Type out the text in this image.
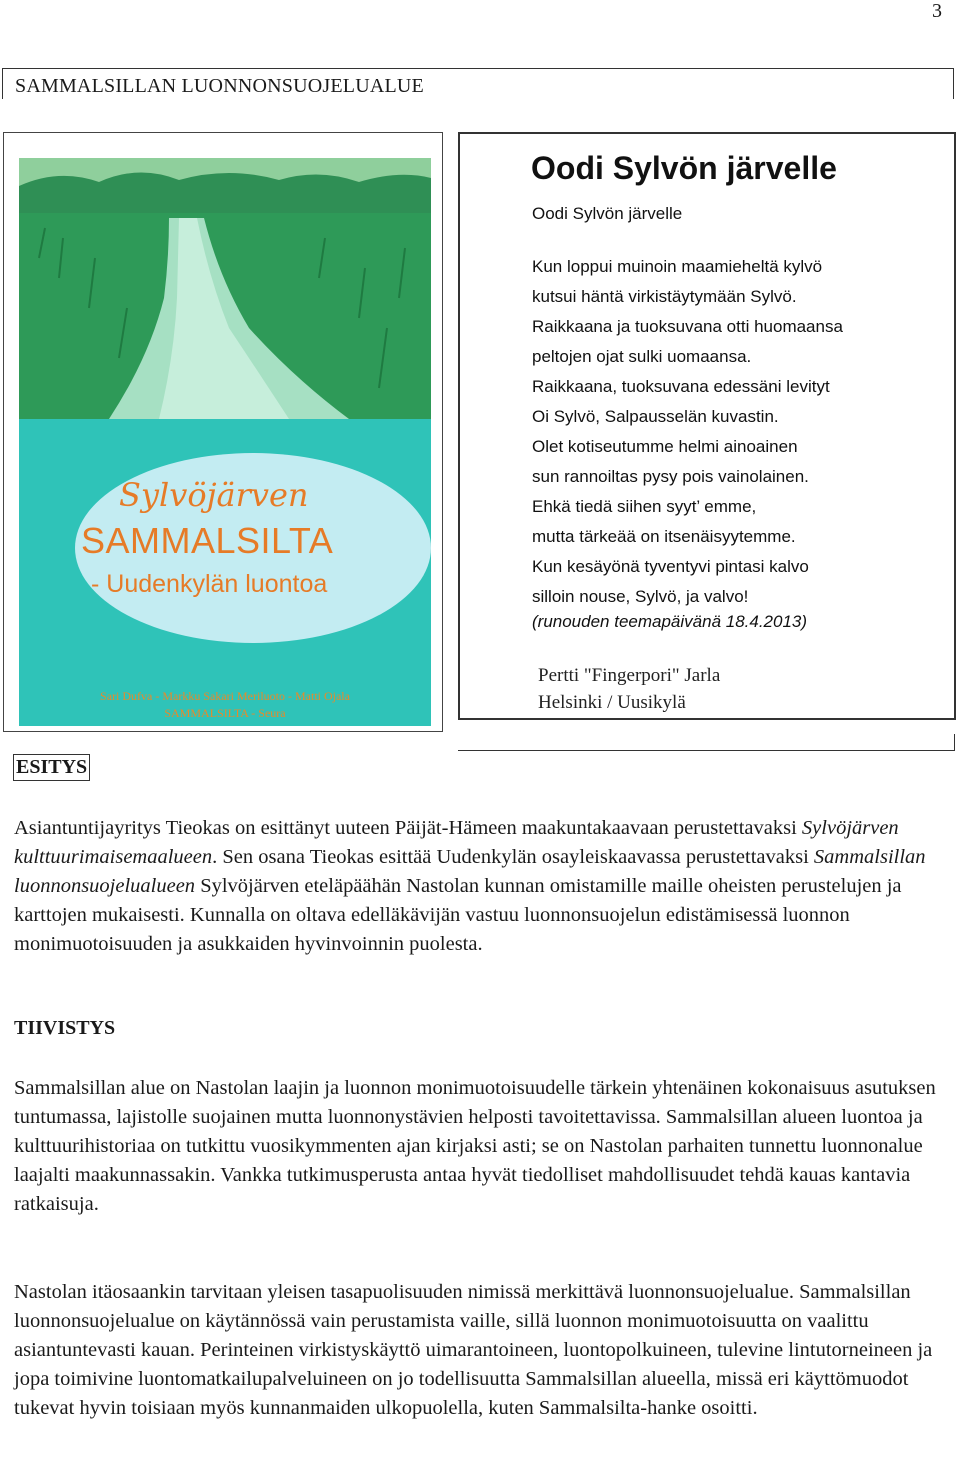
3
SAMMALSILLAN LUONNONSUOJELUALUE
Sylvöjärven
SAMMALSILTA
- Uudenkylän luontoa
Sari Dufva - Markku Sakari Meriluoto - Matti Ojala
SAMMALSILTA - Seura
Oodi Sylvön järvelle
Oodi Sylvön järvelle
Kun loppui muinoin maamieheltä kylvö
kutsui häntä virkistäytymään Sylvö.
Raikkaana ja tuoksuvana otti huomaansa
peltojen ojat sulki uomaansa.
Raikkaana, tuoksuvana edessäni levityt
Oi Sylvö, Salpausselän kuvastin.
Olet kotiseutumme helmi ainoainen
sun rannoiltas pysy pois vainolainen.
Ehkä tiedä siihen syyt’ emme,
mutta tärkeää on itsenäisyytemme.
Kun kesäyönä tyventyvi pintasi kalvo
silloin nouse, Sylvö, ja valvo!
(runouden teemapäivänä 18.4.2013)
Pertti "Fingerpori" Jarla
Helsinki / Uusikylä
ESITYS

Asiantuntijayritys Tieokas on esittänyt uuteen Päijät-Hämeen maakuntakaavaan perustettavaksi Sylvöjärven kulttuurimaisemaalueen. Sen osana Tieokas esittää Uudenkylän osayleiskaavassa perustettavaksi Sammalsillan luonnonsuojelualueen Sylvöjärven eteläpäähän Nastolan kunnan omistamille maille oheisten perustelujen ja karttojen mukaisesti. Kunnalla on oltava edelläkävijän vastuu luonnonsuojelun edistämisessä luonnon monimuotoisuuden ja asukkaiden hyvinvoinnin puolesta.

TIIVISTYS

Sammalsillan alue on Nastolan laajin ja luonnon monimuotoisuudelle tärkein yhtenäinen kokonaisuus asutuksen tuntumassa, lajistolle suojainen mutta luonnonystävien helposti tavoitettavissa. Sammalsillan alueen luontoa ja kulttuurihistoriaa on tutkittu vuosikymmenten ajan kirjaksi asti; se on Nastolan parhaiten tunnettu luonnonalue laajalti maakunnassakin. Vankka tutkimusperusta antaa hyvät tiedolliset mahdollisuudet tehdä kauas kantavia ratkaisuja.

Nastolan itäosaankin tarvitaan yleisen tasapuolisuuden nimissä merkittävä luonnonsuojelualue. Sammalsillan luonnonsuojelualue on käytännössä vain perustamista vaille, sillä luonnon monimuotoisuutta on vaalittu asiantuntevasti kauan. Perinteinen virkistyskäyttö uimarantoineen, luontopolkuineen, tulevine lintutorneineen ja jopa toimivine luontomatkailupalveluineen on jo todellisuutta Sammalsillan alueella, missä eri käyttömuodot tukevat hyvin toisiaan myös kunnanmaiden ulkopuolella, kuten Sammalsilta-hanke osoitti.
